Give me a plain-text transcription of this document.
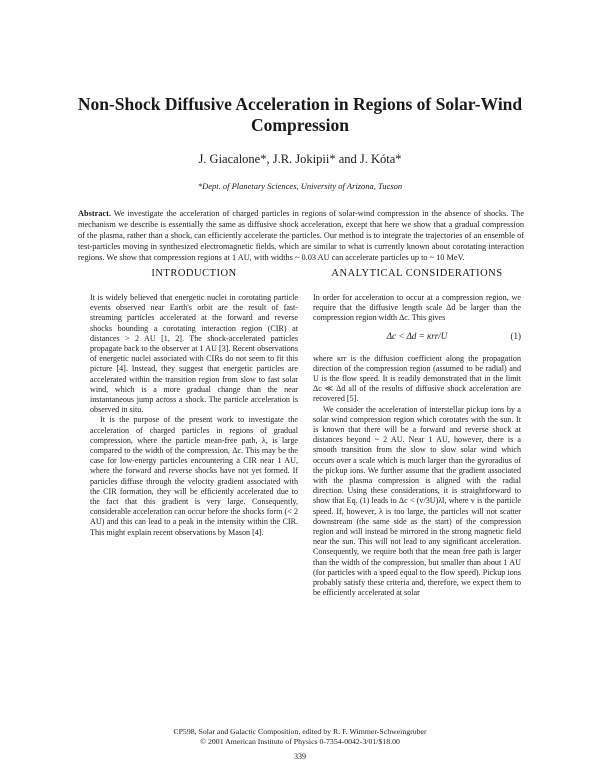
Non-Shock Diffusive Acceleration in Regions of Solar-Wind Compression
J. Giacalone*, J.R. Jokipii* and J. Kóta*
*Dept. of Planetary Sciences, University of Arizona, Tucson
Abstract. We investigate the acceleration of charged particles in regions of solar-wind compression in the absence of shocks. The mechanism we describe is essentially the same as diffusive shock acceleration, except that here we show that a gradual compression of the plasma, rather than a shock, can efficiently accelerate the particles. Our method is to integrate the trajectories of an ensemble of test-particles moving in synthesized electromagnetic fields, which are similar to what is currently known about corotating interaction regions. We show that compression regions at 1 AU, with widths ~ 0.03 AU can accelerate particles up to ~ 10 MeV.
INTRODUCTION

It is widely believed that energetic nuclei in corotating particle events observed near Earth's orbit are the result of fast-streaming particles accelerated at the forward and reverse shocks bounding a corotating interaction region (CIR) at distances > 2 AU [1, 2]. The shock-accelerated particles propagate back to the observer at 1 AU [3]. Recent observations of energetic nuclei associated with CIRs do not seem to fit this picture [4]. Instead, they suggest that energetic particles are accelerated within the transition region from slow to fast solar wind, which is a more gradual change than the near instantaneous jump across a shock. The particle acceleration is observed in situ.

It is the purpose of the present work to investigate the acceleration of charged particles in regions of gradual compression, where the particle mean-free path, λ, is large compared to the width of the compression, Δc. This may be the case for low-energy particles encountering a CIR near 1 AU, where the forward and reverse shocks have not yet formed. If particles diffuse through the velocity gradient associated with the CIR formation, they will be efficiently accelerated due to the fact that this gradient is very large. Consequently, considerable acceleration can occur before the shocks form (< 2 AU) and this can lead to a peak in the intensity within the CIR. This might explain recent observations by Mason [4].

ANALYTICAL CONSIDERATIONS

In order for acceleration to occur at a compression region, we require that the diffusive length scale Δd be larger than the compression region width Δc. This gives

Δc < Δd = κrr/U	(1)

where κrr is the diffusion coefficient along the propagation direction of the compression region (assumed to be radial) and U is the flow speed. It is readily demonstrated that in the limit Δc ≪ Δd all of the results of diffusive shock acceleration are recovered [5].

We consider the acceleration of interstellar pickup ions by a solar wind compression region which corotates with the sun. It is known that there will be a forward and reverse shock at distances beyond ~ 2 AU. Near 1 AU, however, there is a smooth transition from the slow to slow solar wind which occurs over a scale which is much larger than the gyroradius of the pickup ions. We further assume that the gradient associated with the plasma compression is aligned with the radial direction. Using these considerations, it is straightforward to show that Eq. (1) leads to Δc < (v/3U)λ‖, where v is the particle speed. If, however, λ is too large, the particles will not scatter downstream (the same side as the start) of the compression region and will instead be mirrored in the strong magnetic field near the sun. This will not lead to any significant acceleration. Consequently, we require both that the mean free path is larger than the width of the compression, but smaller than about 1 AU (for particles with a speed equal to the flow speed). Pickup ions probably satisfy these criteria and, therefore, we expect them to be efficiently accelerated at solar

CP598, Solar and Galactic Composition, edited by R. F. Wimmer-Schweingruber
© 2001 American Institute of Physics 0-7354-0042-3/01/$18.00
339
